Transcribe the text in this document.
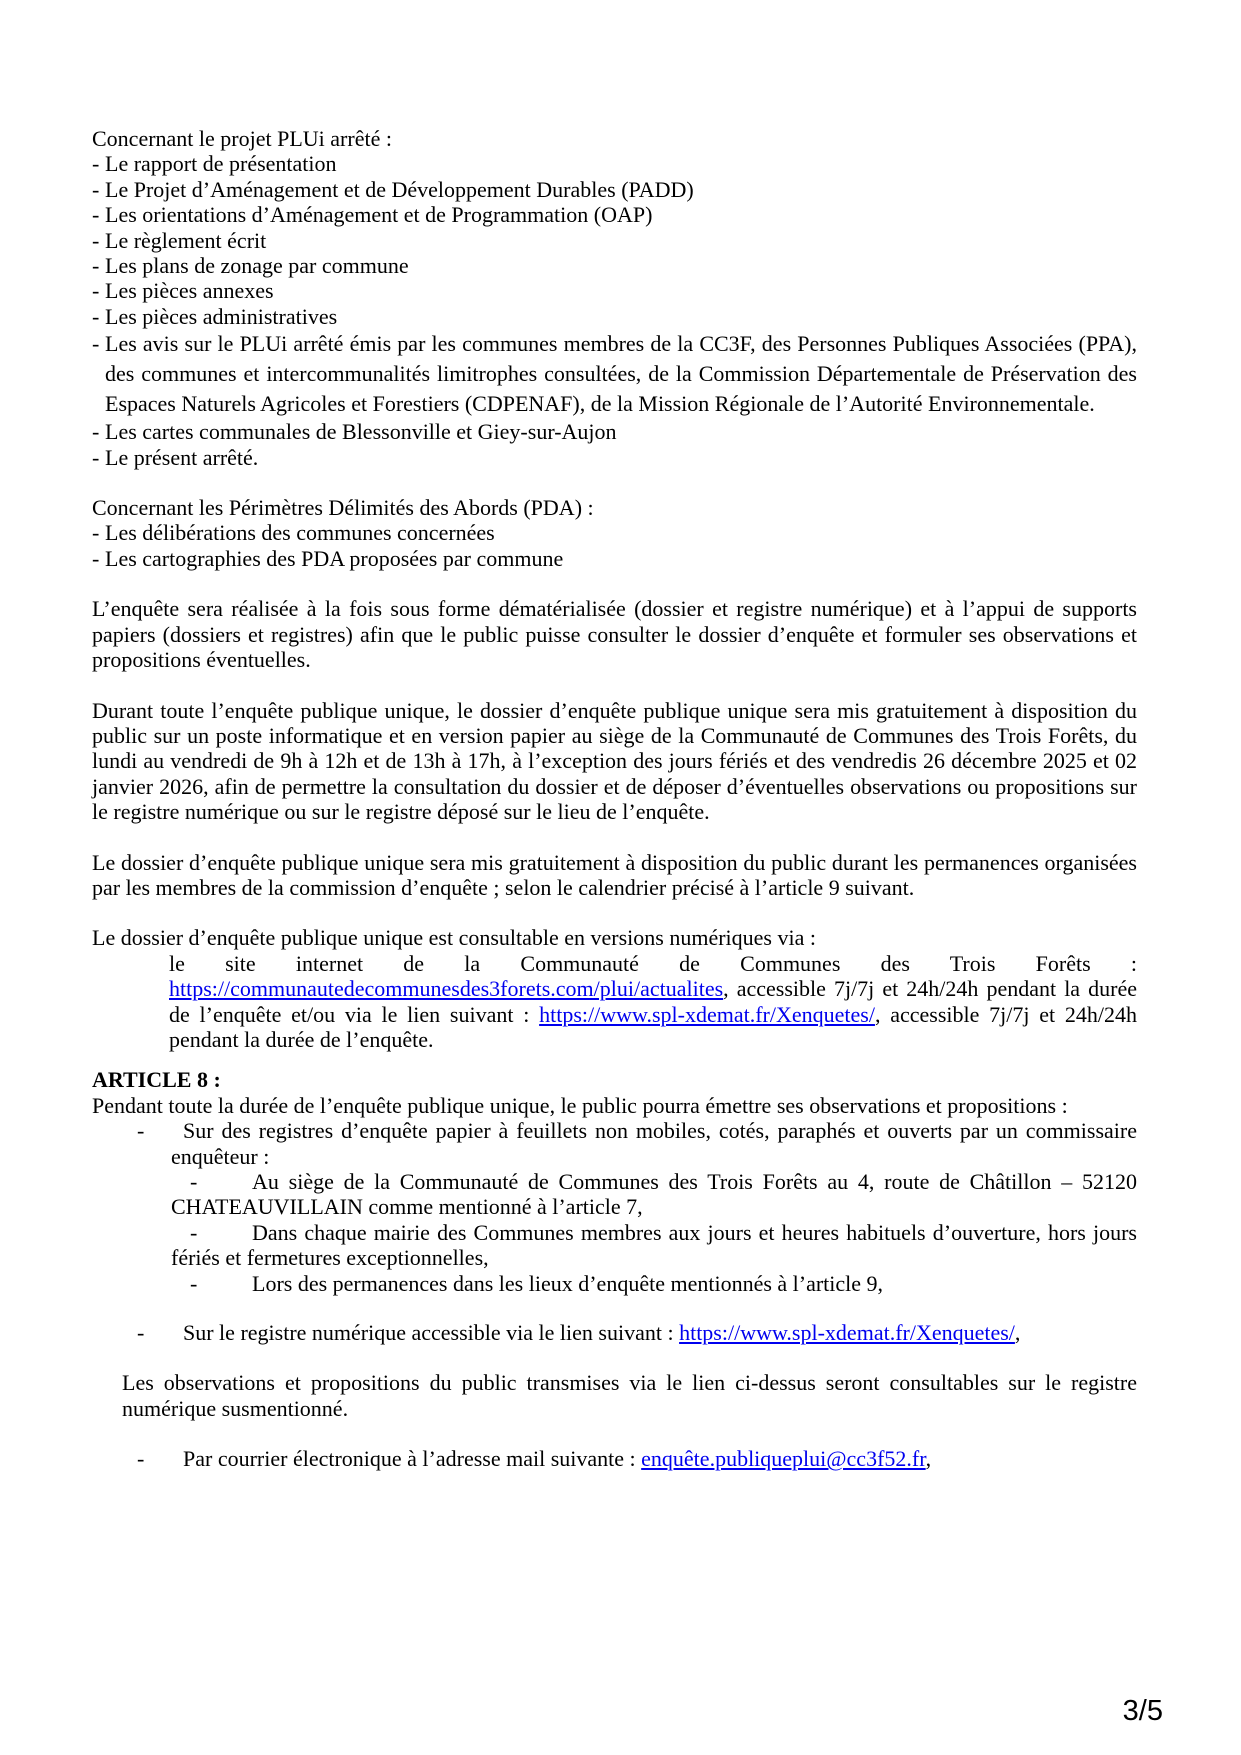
Concernant le projet PLUi arrêté :

- Le rapport de présentation

- Le Projet d’Aménagement et de Développement Durables (PADD)

- Les orientations d’Aménagement et de Programmation (OAP)

- Le règlement écrit

- Les plans de zonage par commune

- Les pièces annexes

- Les pièces administratives

- Les avis sur le PLUi arrêté émis par les communes membres de la CC3F, des Personnes Publiques Associées (PPA), des communes et intercommunalités limitrophes consultées, de la Commission Départementale de Préservation des Espaces Naturels Agricoles et Forestiers (CDPENAF), de la Mission Régionale de l’Autorité Environnementale.

- Les cartes communales de Blessonville et Giey-sur-Aujon

- Le présent arrêté.

Concernant les Périmètres Délimités des Abords (PDA) :

- Les délibérations des communes concernées

- Les cartographies des PDA proposées par commune

L’enquête sera réalisée à la fois sous forme dématérialisée (dossier et registre numérique) et à l’appui de supports papiers (dossiers et registres) afin que le public puisse consulter le dossier d’enquête et formuler ses observations et propositions éventuelles.

Durant toute l’enquête publique unique, le dossier d’enquête publique unique sera mis gratuitement à disposition du public sur un poste informatique et en version papier au siège de la Communauté de Communes des Trois Forêts, du lundi au vendredi de 9h à 12h et de 13h à 17h, à l’exception des jours fériés et des vendredis 26 décembre 2025 et 02 janvier 2026, afin de permettre la consultation du dossier et de déposer d’éventuelles observations ou propositions sur le registre numérique ou sur le registre déposé sur le lieu de l’enquête.

Le dossier d’enquête publique unique sera mis gratuitement à disposition du public durant les permanences organisées par les membres de la commission d’enquête ; selon le calendrier précisé à l’article 9 suivant.

Le dossier d’enquête publique unique est consultable en versions numériques via :

le site internet de la Communauté de Communes des Trois Forêts : https://communautedecommunesdes3forets.com/plui/actualites, accessible 7j/7j et 24h/24h pendant la durée de l’enquête et/ou via le lien suivant : https://www.spl-xdemat.fr/Xenquetes/, accessible 7j/7j et 24h/24h pendant la durée de l’enquête.

ARTICLE 8 :

Pendant toute la durée de l’enquête publique unique, le public pourra émettre ses observations et propositions :

- Sur des registres d’enquête papier à feuillets non mobiles, cotés, paraphés et ouverts par un commissaire enquêteur :

- Au siège de la Communauté de Communes des Trois Forêts au 4, route de Châtillon – 52120 CHATEAUVILLAIN comme mentionné à l’article 7,

- Dans chaque mairie des Communes membres aux jours et heures habituels d’ouverture, hors jours fériés et fermetures exceptionnelles,

- Lors des permanences dans les lieux d’enquête mentionnés à l’article 9,

- Sur le registre numérique accessible via le lien suivant : https://www.spl-xdemat.fr/Xenquetes/,

Les observations et propositions du public transmises via le lien ci-dessus seront consultables sur le registre numérique susmentionné.

- Par courrier électronique à l’adresse mail suivante : enquête.publiqueplui@cc3f52.fr,

3/5
